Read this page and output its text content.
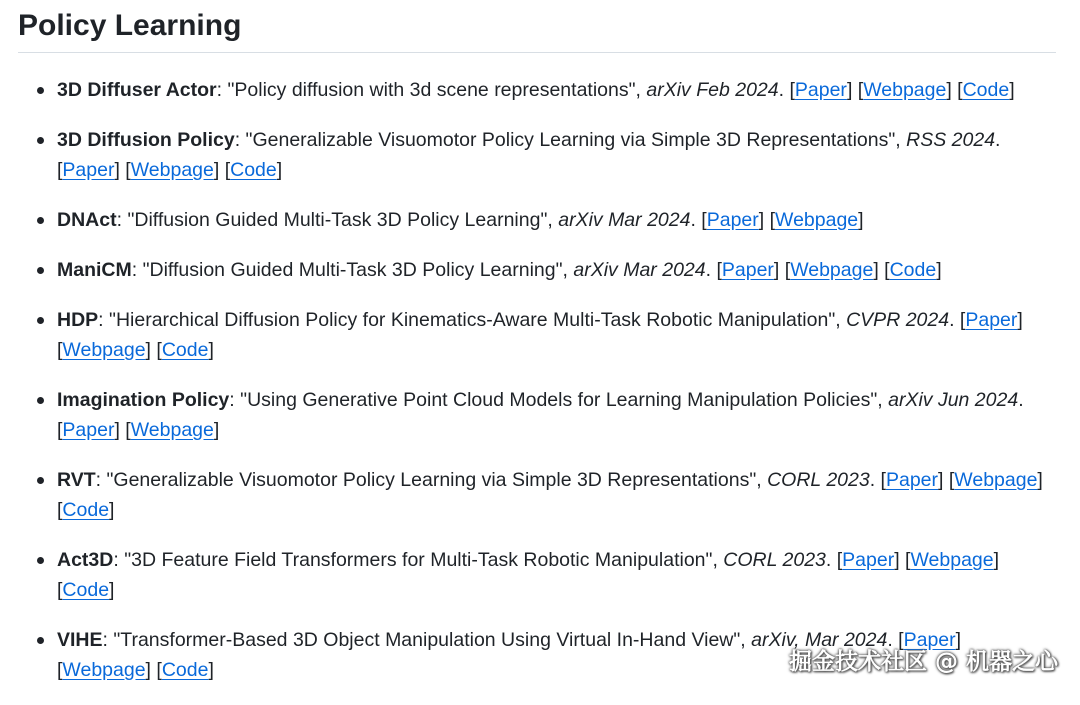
Policy Learning
3D Diffuser Actor: "Policy diffusion with 3d scene representations", arXiv Feb 2024. [Paper] [Webpage] [Code]
3D Diffusion Policy: "Generalizable Visuomotor Policy Learning via Simple 3D Representations", RSS 2024. [Paper] [Webpage] [Code]
DNAct: "Diffusion Guided Multi-Task 3D Policy Learning", arXiv Mar 2024. [Paper] [Webpage]
ManiCM: "Diffusion Guided Multi-Task 3D Policy Learning", arXiv Mar 2024. [Paper] [Webpage] [Code]
HDP: "Hierarchical Diffusion Policy for Kinematics-Aware Multi-Task Robotic Manipulation", CVPR 2024. [Paper] [Webpage] [Code]
Imagination Policy: "Using Generative Point Cloud Models for Learning Manipulation Policies", arXiv Jun 2024. [Paper] [Webpage]
RVT: "Generalizable Visuomotor Policy Learning via Simple 3D Representations", CORL 2023. [Paper] [Webpage] [Code]
Act3D: "3D Feature Field Transformers for Multi-Task Robotic Manipulation", CORL 2023. [Paper] [Webpage] [Code]
VIHE: "Transformer-Based 3D Object Manipulation Using Virtual In-Hand View", arXiv, Mar 2024. [Paper] [Webpage] [Code]	掘金技术社区 @ 机器之心
